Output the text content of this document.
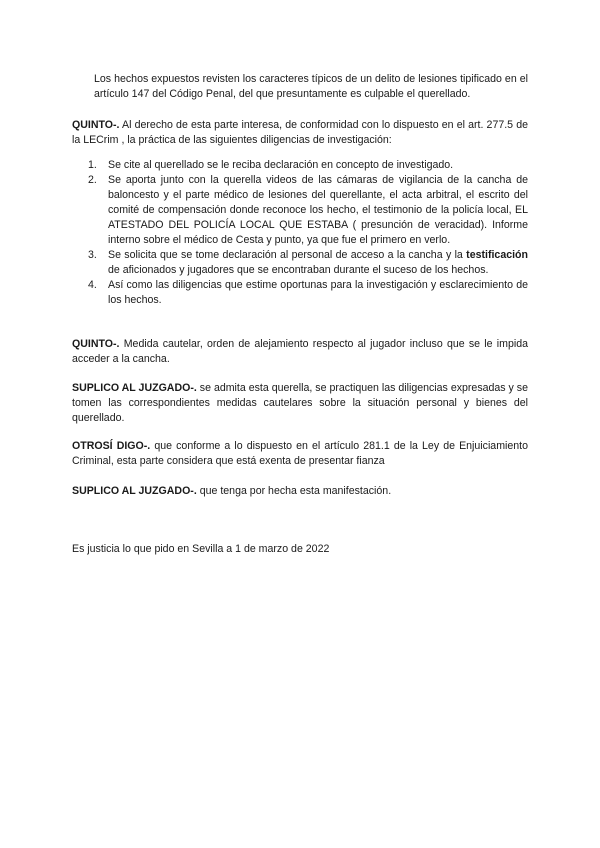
Los hechos expuestos revisten los caracteres típicos de un delito de lesiones tipificado en el artículo 147 del Código Penal, del que presuntamente es culpable el querellado.

QUINTO-. Al derecho de esta parte interesa, de conformidad con lo dispuesto en el art. 277.5 de la LECrim , la práctica de las siguientes diligencias de investigación:

1. Se cite al querellado se le reciba declaración en concepto de investigado.
2. Se aporta junto con la querella videos de las cámaras de vigilancia de la cancha de baloncesto y el parte médico de lesiones del querellante, el acta arbitral, el escrito del comité de compensación donde reconoce los hecho, el testimonio de la policía local, EL ATESTADO DEL POLICÍA LOCAL QUE ESTABA ( presunción de veracidad). Informe interno sobre el médico de Cesta y punto, ya que fue el primero en verlo.
3. Se solicita que se tome declaración al personal de acceso a la cancha y la testificación de aficionados y jugadores que se encontraban durante el suceso de los hechos.
4. Así como las diligencias que estime oportunas para la investigación y esclarecimiento de los hechos.

QUINTO-. Medida cautelar, orden de alejamiento respecto al jugador incluso que se le impida acceder a la cancha.

SUPLICO AL JUZGADO-. se admita esta querella, se practiquen las diligencias expresadas y se tomen las correspondientes medidas cautelares sobre la situación personal y bienes del querellado.

OTROSÍ DIGO-. que conforme a lo dispuesto en el artículo 281.1 de la Ley de Enjuiciamiento Criminal, esta parte considera que está exenta de presentar fianza

SUPLICO AL JUZGADO-. que tenga por hecha esta manifestación.

Es justicia lo que pido en Sevilla a 1 de marzo de 2022
